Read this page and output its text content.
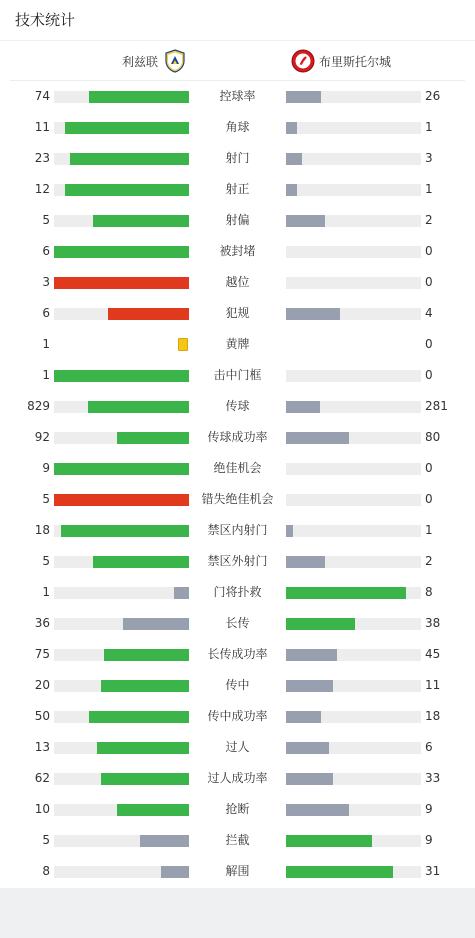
技术统计
利兹联	布里斯托尔城
74	控球率	26
11	角球	1
23	射门	3
12	射正	1
5	射偏	2
6	被封堵	0
3	越位	0
6	犯规	4
1	黄牌	0
1	击中门框	0
829	传球	281
92	传球成功率	80
9	绝佳机会	0
5	错失绝佳机会	0
18	禁区内射门	1
5	禁区外射门	2
1	门将扑救	8
36	长传	38
75	长传成功率	45
20	传中	11
50	传中成功率	18
13	过人	6
62	过人成功率	33
10	抢断	9
5	拦截	9
8	解围	31
